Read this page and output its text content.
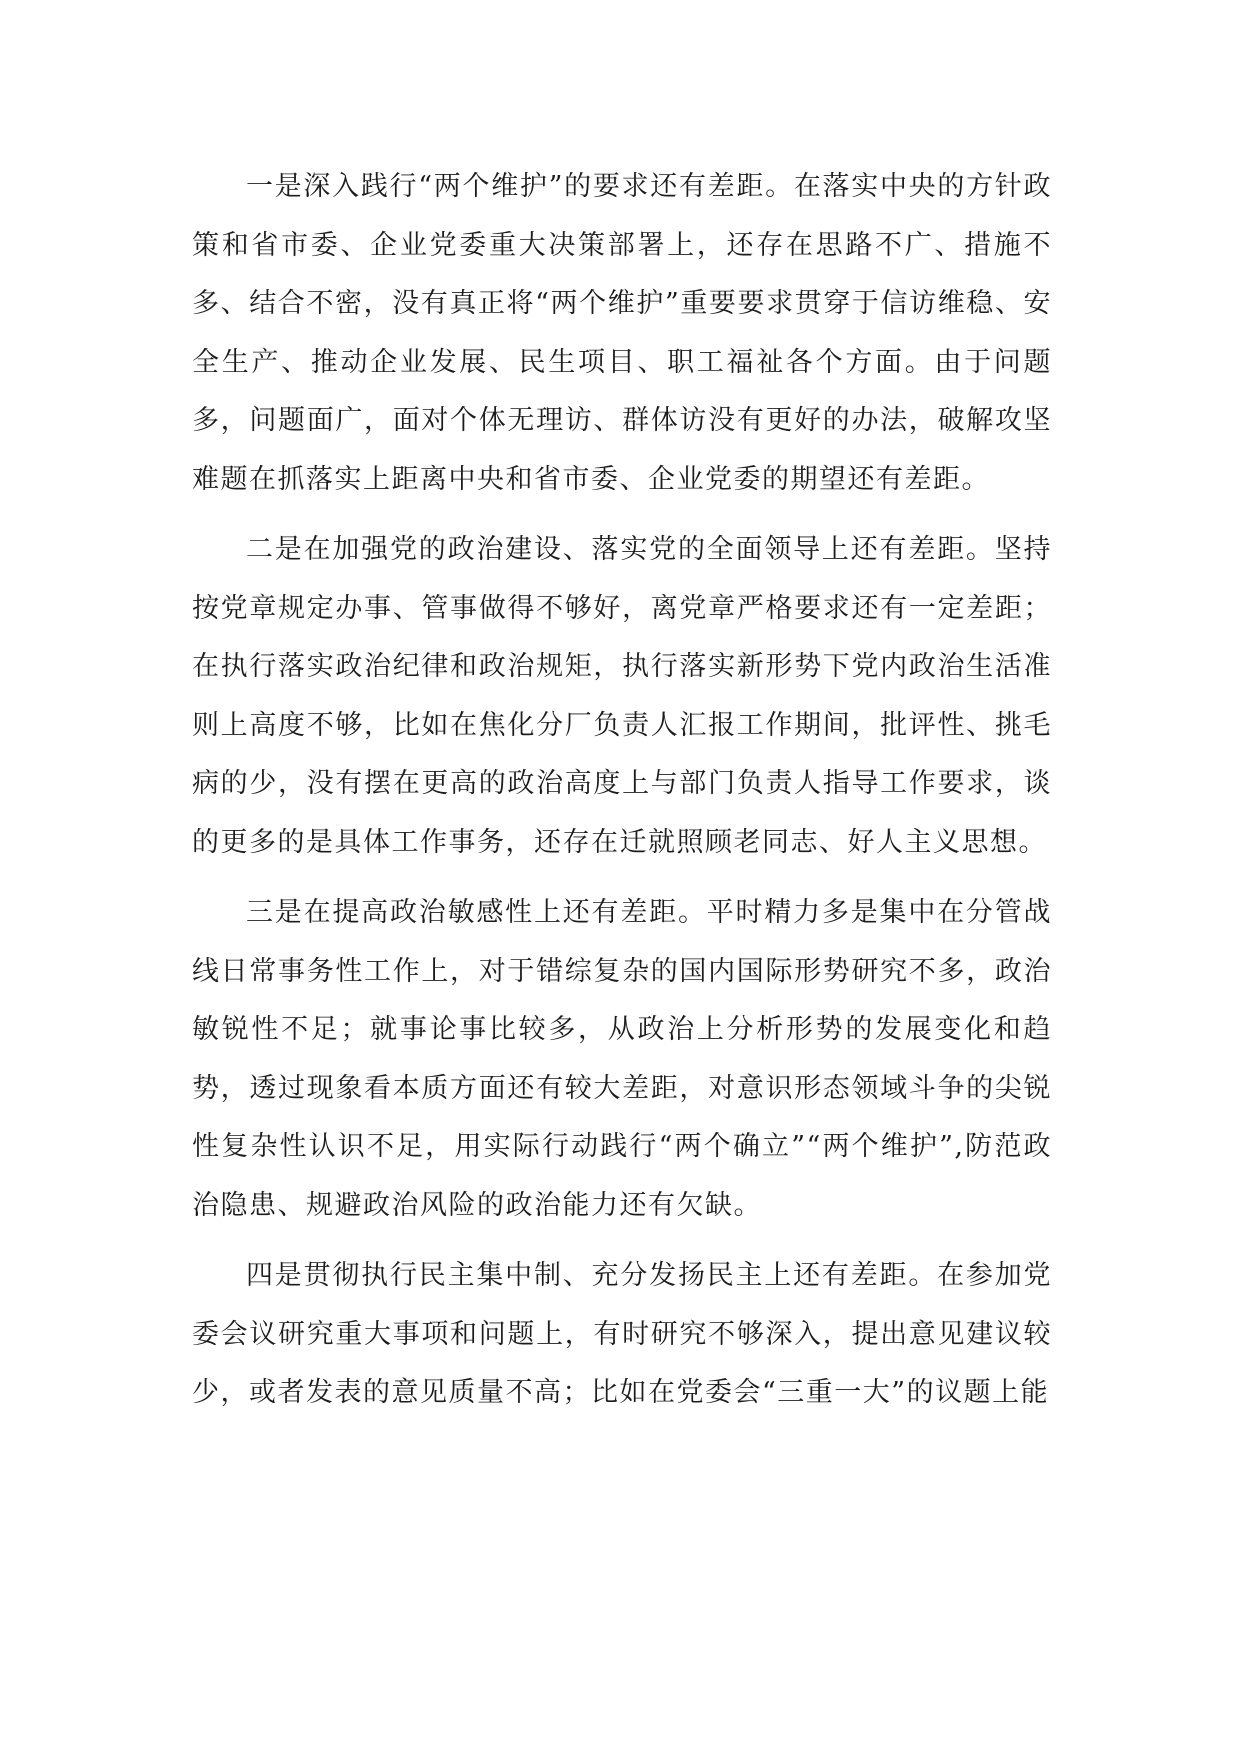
一是深入践行“两个维护”的要求还有差距。在落实中央的方针政策和省市委、企业党委重大决策部署上，还存在思路不广、措施不多、结合不密，没有真正将“两个维护”重要要求贯穿于信访维稳、安全生产、推动企业发展、民生项目、职工福祉各个方面。由于问题多，问题面广，面对个体无理访、群体访没有更好的办法，破解攻坚难题在抓落实上距离中央和省市委、企业党委的期望还有差距。

二是在加强党的政治建设、落实党的全面领导上还有差距。坚持按党章规定办事、管事做得不够好，离党章严格要求还有一定差距；在执行落实政治纪律和政治规矩，执行落实新形势下党内政治生活准则上高度不够，比如在焦化分厂负责人汇报工作期间，批评性、挑毛病的少，没有摆在更高的政治高度上与部门负责人指导工作要求，谈的更多的是具体工作事务，还存在迁就照顾老同志、好人主义思想。

三是在提高政治敏感性上还有差距。平时精力多是集中在分管战线日常事务性工作上，对于错综复杂的国内国际形势研究不多，政治敏锐性不足；就事论事比较多，从政治上分析形势的发展变化和趋势，透过现象看本质方面还有较大差距，对意识形态领域斗争的尖锐性复杂性认识不足，用实际行动践行“两个确立”“两个维护”,防范政治隐患、规避政治风险的政治能力还有欠缺。

四是贯彻执行民主集中制、充分发扬民主上还有差距。在参加党委会议研究重大事项和问题上，有时研究不够深入，提出意见建议较少，或者发表的意见质量不高；比如在党委会“三重一大”的议题上能
